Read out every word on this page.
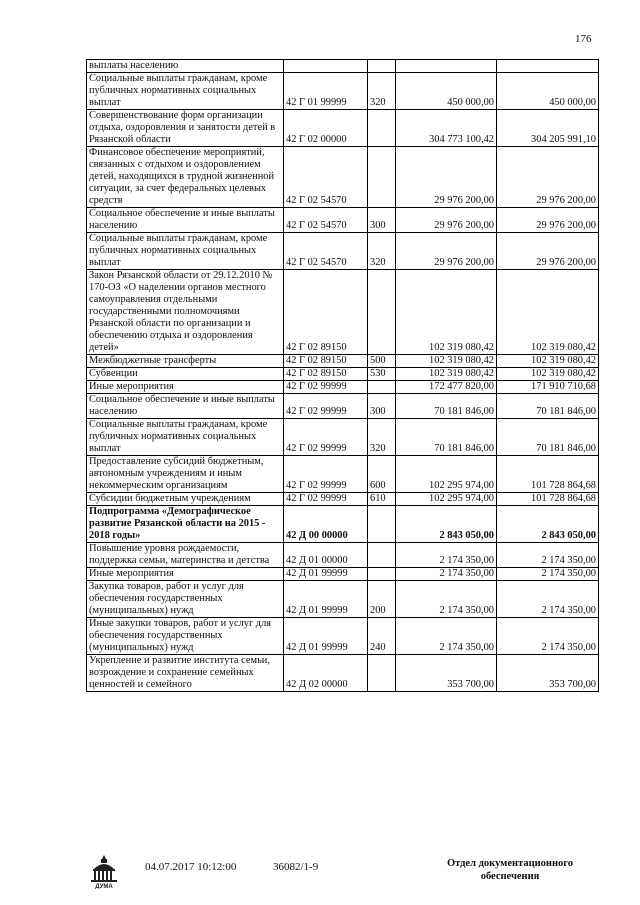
176
выплаты населению				
Социальные выплаты гражданам, кроме публичных нормативных социальных выплат	42 Г 01 99999	320	450 000,00	450 000,00
Совершенствование форм организации отдыха, оздоровления и занятости детей в Рязанской области	42 Г 02 00000		304 773 100,42	304 205 991,10
Финансовое обеспечение мероприятий, связанных с отдыхом и оздоровлением детей, находящихся в трудной жизненной ситуации, за счет федеральных целевых средств	42 Г 02 54570		29 976 200,00	29 976 200,00
Социальное обеспечение и иные выплаты населению	42 Г 02 54570	300	29 976 200,00	29 976 200,00
Социальные выплаты гражданам, кроме публичных нормативных социальных выплат	42 Г 02 54570	320	29 976 200,00	29 976 200,00
Закон Рязанской области от 29.12.2010 № 170-ОЗ «О наделении органов местного самоуправления отдельными государственными полномочиями Рязанской области по организации и обеспечению отдыха и оздоровления детей»	42 Г 02 89150		102 319 080,42	102 319 080,42
Межбюджетные трансферты	42 Г 02 89150	500	102 319 080,42	102 319 080,42
Субвенции	42 Г 02 89150	530	102 319 080,42	102 319 080,42
Иные мероприятия	42 Г 02 99999		172 477 820,00	171 910 710,68
Социальное обеспечение и иные выплаты населению	42 Г 02 99999	300	70 181 846,00	70 181 846,00
Социальные выплаты гражданам, кроме публичных нормативных социальных выплат	42 Г 02 99999	320	70 181 846,00	70 181 846,00
Предоставление субсидий бюджетным, автономным учреждениям и иным некоммерческим организациям	42 Г 02 99999	600	102 295 974,00	101 728 864,68
Субсидии бюджетным учреждениям	42 Г 02 99999	610	102 295 974,00	101 728 864,68
Подпрограмма «Демографическое развитие Рязанской области на 2015 - 2018 годы»	42 Д 00 00000		2 843 050,00	2 843 050,00
Повышение уровня рождаемости, поддержка семьи, материнства и детства	42 Д 01 00000		2 174 350,00	2 174 350,00
Иные мероприятия	42 Д 01 99999		2 174 350,00	2 174 350,00
Закупка товаров, работ и услуг для обеспечения государственных (муниципальных) нужд	42 Д 01 99999	200	2 174 350,00	2 174 350,00
Иные закупки товаров, работ и услуг для обеспечения государственных (муниципальных) нужд	42 Д 01 99999	240	2 174 350,00	2 174 350,00
Укрепление и развитие института семьи, возрождение и сохранение семейных ценностей и семейного	42 Д 02 00000		353 700,00	353 700,00
ДУМА
04.07.2017 10:12:00	36082/1-9	Отдел документационного обеспечения
